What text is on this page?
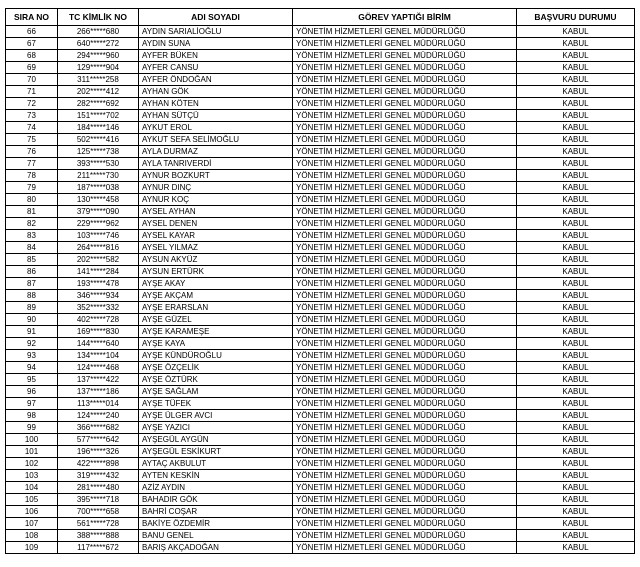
SIRA NO	TC KİMLİK NO	ADI SOYADI	GÖREV YAPTIĞI BİRİM	BAŞVURU DURUMU
66	266*****680	AYDIN SARIALİOĞLU	YÖNETİM HİZMETLERİ GENEL MÜDÜRLÜĞÜ	KABUL
67	640*****272	AYDIN SUNA	YÖNETİM HİZMETLERİ GENEL MÜDÜRLÜĞÜ	KABUL
68	294*****960	AYFER BÜKEN	YÖNETİM HİZMETLERİ GENEL MÜDÜRLÜĞÜ	KABUL
69	129*****904	AYFER CANSU	YÖNETİM HİZMETLERİ GENEL MÜDÜRLÜĞÜ	KABUL
70	311*****258	AYFER ÖNDOĞAN	YÖNETİM HİZMETLERİ GENEL MÜDÜRLÜĞÜ	KABUL
71	202*****412	AYHAN GÖK	YÖNETİM HİZMETLERİ GENEL MÜDÜRLÜĞÜ	KABUL
72	282*****692	AYHAN KÖTEN	YÖNETİM HİZMETLERİ GENEL MÜDÜRLÜĞÜ	KABUL
73	151*****702	AYHAN SÜTÇÜ	YÖNETİM HİZMETLERİ GENEL MÜDÜRLÜĞÜ	KABUL
74	184*****146	AYKUT EROL	YÖNETİM HİZMETLERİ GENEL MÜDÜRLÜĞÜ	KABUL
75	502*****416	AYKUT SEFA SELİMOĞLU	YÖNETİM HİZMETLERİ GENEL MÜDÜRLÜĞÜ	KABUL
76	125*****738	AYLA DURMAZ	YÖNETİM HİZMETLERİ GENEL MÜDÜRLÜĞÜ	KABUL
77	393*****530	AYLA TANRIVERDİ	YÖNETİM HİZMETLERİ GENEL MÜDÜRLÜĞÜ	KABUL
78	211*****730	AYNUR BOZKURT	YÖNETİM HİZMETLERİ GENEL MÜDÜRLÜĞÜ	KABUL
79	187*****038	AYNUR DINÇ	YÖNETİM HİZMETLERİ GENEL MÜDÜRLÜĞÜ	KABUL
80	130*****458	AYNUR KOÇ	YÖNETİM HİZMETLERİ GENEL MÜDÜRLÜĞÜ	KABUL
81	379*****090	AYSEL AYHAN	YÖNETİM HİZMETLERİ GENEL MÜDÜRLÜĞÜ	KABUL
82	229*****962	AYSEL DENEN	YÖNETİM HİZMETLERİ GENEL MÜDÜRLÜĞÜ	KABUL
83	103*****746	AYSEL KAYAR	YÖNETİM HİZMETLERİ GENEL MÜDÜRLÜĞÜ	KABUL
84	264*****816	AYSEL YILMAZ	YÖNETİM HİZMETLERİ GENEL MÜDÜRLÜĞÜ	KABUL
85	202*****582	AYSUN AKYÜZ	YÖNETİM HİZMETLERİ GENEL MÜDÜRLÜĞÜ	KABUL
86	141*****284	AYSUN ERTÜRK	YÖNETİM HİZMETLERİ GENEL MÜDÜRLÜĞÜ	KABUL
87	193*****478	AYŞE AKAY	YÖNETİM HİZMETLERİ GENEL MÜDÜRLÜĞÜ	KABUL
88	346*****934	AYŞE AKÇAM	YÖNETİM HİZMETLERİ GENEL MÜDÜRLÜĞÜ	KABUL
89	352*****332	AYŞE ERARSLAN	YÖNETİM HİZMETLERİ GENEL MÜDÜRLÜĞÜ	KABUL
90	402*****728	AYŞE GÜZEL	YÖNETİM HİZMETLERİ GENEL MÜDÜRLÜĞÜ	KABUL
91	169*****830	AYŞE KARAMEŞE	YÖNETİM HİZMETLERİ GENEL MÜDÜRLÜĞÜ	KABUL
92	144*****640	AYŞE KAYA	YÖNETİM HİZMETLERİ GENEL MÜDÜRLÜĞÜ	KABUL
93	134*****104	AYŞE KÜNDÜROĞLU	YÖNETİM HİZMETLERİ GENEL MÜDÜRLÜĞÜ	KABUL
94	124*****468	AYŞE ÖZÇELİK	YÖNETİM HİZMETLERİ GENEL MÜDÜRLÜĞÜ	KABUL
95	137*****422	AYŞE ÖZTÜRK	YÖNETİM HİZMETLERİ GENEL MÜDÜRLÜĞÜ	KABUL
96	137*****186	AYŞE SAĞLAM	YÖNETİM HİZMETLERİ GENEL MÜDÜRLÜĞÜ	KABUL
97	113*****014	AYŞE TÜFEK	YÖNETİM HİZMETLERİ GENEL MÜDÜRLÜĞÜ	KABUL
98	124*****240	AYŞE ÜLGER AVCI	YÖNETİM HİZMETLERİ GENEL MÜDÜRLÜĞÜ	KABUL
99	366*****682	AYŞE YAZICI	YÖNETİM HİZMETLERİ GENEL MÜDÜRLÜĞÜ	KABUL
100	577*****642	AYŞEGÜL AYGÜN	YÖNETİM HİZMETLERİ GENEL MÜDÜRLÜĞÜ	KABUL
101	196*****326	AYŞEGÜL ESKİKURT	YÖNETİM HİZMETLERİ GENEL MÜDÜRLÜĞÜ	KABUL
102	422*****898	AYTAÇ AKBULUT	YÖNETİM HİZMETLERİ GENEL MÜDÜRLÜĞÜ	KABUL
103	319*****432	AYTEN KESKİN	YÖNETİM HİZMETLERİ GENEL MÜDÜRLÜĞÜ	KABUL
104	281*****480	AZİZ AYDIN	YÖNETİM HİZMETLERİ GENEL MÜDÜRLÜĞÜ	KABUL
105	395*****718	BAHADIR GÖK	YÖNETİM HİZMETLERİ GENEL MÜDÜRLÜĞÜ	KABUL
106	700*****658	BAHRİ COŞAR	YÖNETİM HİZMETLERİ GENEL MÜDÜRLÜĞÜ	KABUL
107	561*****728	BAKİYE ÖZDEMİR	YÖNETİM HİZMETLERİ GENEL MÜDÜRLÜĞÜ	KABUL
108	388*****888	BANU GENEL	YÖNETİM HİZMETLERİ GENEL MÜDÜRLÜĞÜ	KABUL
109	117*****672	BARIŞ AKÇADOĞAN	YÖNETİM HİZMETLERİ GENEL MÜDÜRLÜĞÜ	KABUL
